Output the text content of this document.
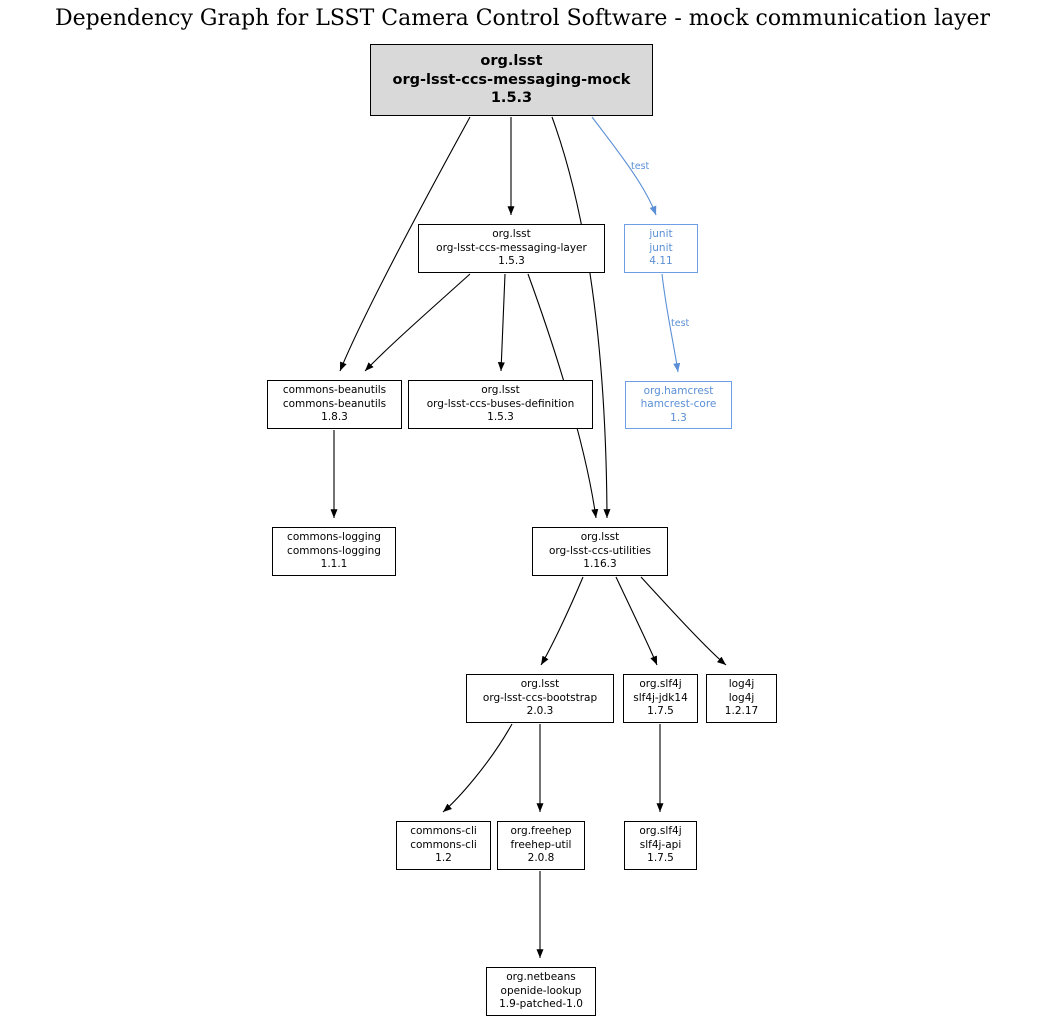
Dependency Graph for LSST Camera Control Software - mock communication layer
org.lsst
org-lsst-ccs-messaging-mock
1.5.3
org.lsst
org-lsst-ccs-messaging-layer
1.5.3
junit
junit
4.11
commons-beanutils
commons-beanutils
1.8.3
org.lsst
org-lsst-ccs-buses-definition
1.5.3
org.hamcrest
hamcrest-core
1.3
commons-logging
commons-logging
1.1.1
org.lsst
org-lsst-ccs-utilities
1.16.3
org.lsst
org-lsst-ccs-bootstrap
2.0.3
org.slf4j
slf4j-jdk14
1.7.5
log4j
log4j
1.2.17
commons-cli
commons-cli
1.2
org.freehep
freehep-util
2.0.8
org.slf4j
slf4j-api
1.7.5
org.netbeans
openide-lookup
1.9-patched-1.0
test
test
